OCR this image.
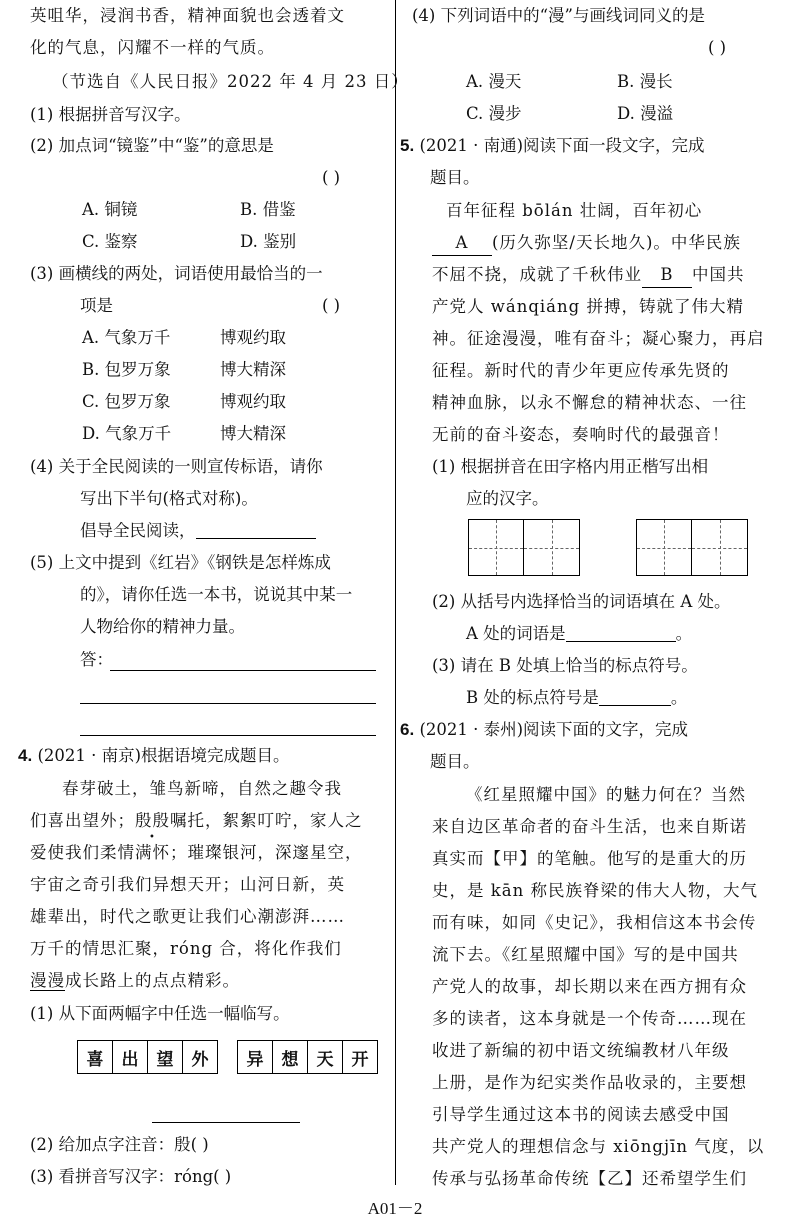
英咀华，浸润书香，精神面貌也会透着文
化的气息，闪耀不一样的气质。
（节选自《人民日报》2022 年 4 月 23 日）
(1) 根据拼音写汉字。
(2) 加点词“镜鉴”中“鉴”的意思是
( )
A. 铜镜	B. 借鉴
C. 鉴察	D. 鉴别
(3) 画横线的两处，词语使用最恰当的一
项是	( )
A. 气象万千	博观约取
B. 包罗万象	博大精深
C. 包罗万象	博观约取
D. 气象万千	博大精深
(4) 关于全民阅读的一则宣传标语，请你
写出下半句(格式对称)。
倡导全民阅读，
(5) 上文中提到《红岩》《钢铁是怎样炼成
的》，请你任选一本书，说说其中某一
人物给你的精神力量。
答：
4. (2021 · 南京)根据语境完成题目。
春芽破土，雏鸟新啼，自然之趣令我
们喜出望外；殷殷嘱托，絮絮叮咛，家人之
爱使我们柔情满怀；璀璨银河，深邃星空，
宇宙之奇引我们异想天开；山河日新，英
雄辈出，时代之歌更让我们心潮澎湃……
万千的情思汇聚，róng 合，将化作我们
漫漫成长路上的点点精彩。
(1) 从下面两幅字中任选一幅临写。
喜	出	望	外	异	想	天	开
(2) 给加点字注音：殷( )
(3) 看拼音写汉字：róng( )
(4) 下列词语中的“漫”与画线词同义的是
( )
A. 漫天	B. 漫长
C. 漫步	D. 漫溢
5. (2021 · 南通)阅读下面一段文字，完成
题目。
百年征程 bōlán 壮阔，百年初心
A (历久弥坚/天长地久)。中华民族
不屈不挠，成就了千秋伟业 B 中国共
产党人 wánqiáng 拼搏，铸就了伟大精
神。征途漫漫，唯有奋斗；凝心聚力，再启
征程。新时代的青少年更应传承先贤的
精神血脉，以永不懈怠的精神状态、一往
无前的奋斗姿态，奏响时代的最强音！
(1) 根据拼音在田字格内用正楷写出相
应的汉字。
(2) 从括号内选择恰当的词语填在 A 处。
A 处的词语是	。
(3) 请在 B 处填上恰当的标点符号。
B 处的标点符号是	。
6. (2021 · 泰州)阅读下面的文字，完成
题目。
《红星照耀中国》的魅力何在？当然
来自边区革命者的奋斗生活，也来自斯诺
真实而【甲】的笔触。他写的是重大的历
史，是 kān 称民族脊梁的伟大人物，大气
而有味，如同《史记》，我相信这本书会传
流下去。《红星照耀中国》写的是中国共
产党人的故事，却长期以来在西方拥有众
多的读者，这本身就是一个传奇……现在
收进了新编的初中语文统编教材八年级
上册，是作为纪实类作品收录的，主要想
引导学生通过这本书的阅读去感受中国
共产党人的理想信念与 xiōngjīn 气度，以
传承与弘扬革命传统【乙】还希望学生们
A01－2
